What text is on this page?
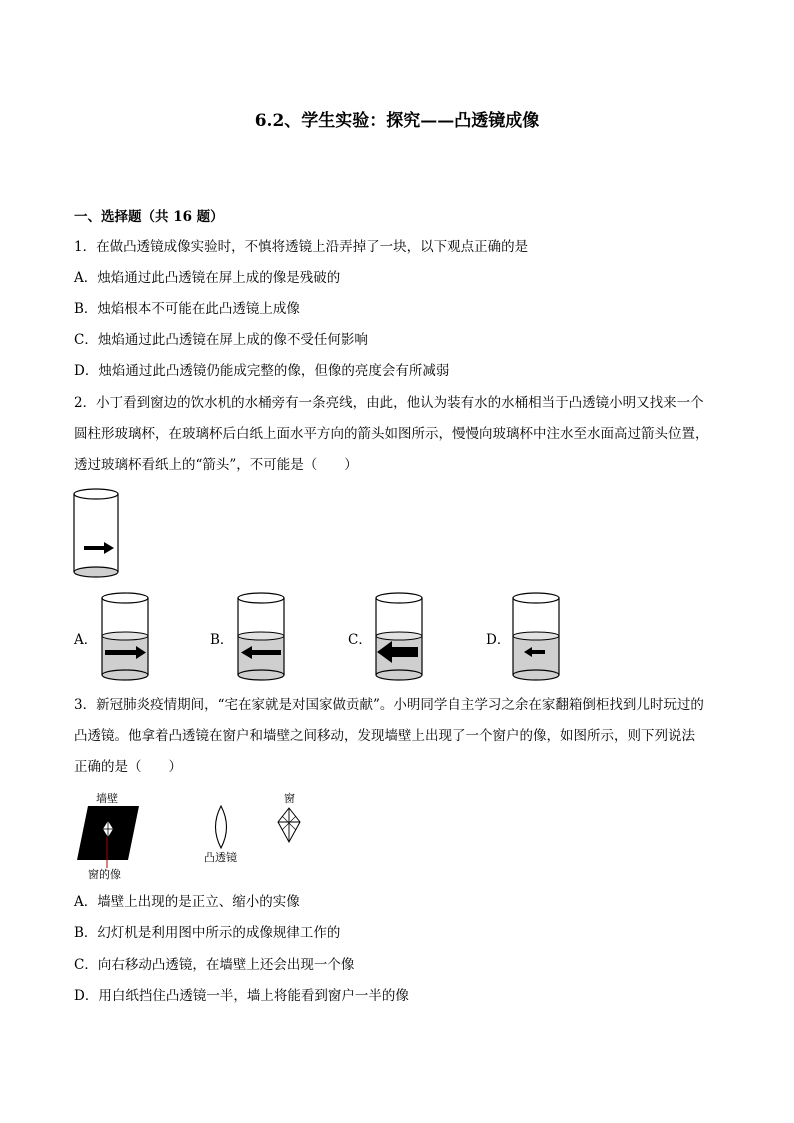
6.2、学生实验：探究——凸透镜成像
一、选择题（共 16 题）
1．在做凸透镜成像实验时，不慎将透镜上沿弄掉了一块，以下观点正确的是
A．烛焰通过此凸透镜在屏上成的像是残破的
B．烛焰根本不可能在此凸透镜上成像
C．烛焰通过此凸透镜在屏上成的像不受任何影响
D．烛焰通过此凸透镜仍能成完整的像，但像的亮度会有所减弱
2．小丁看到窗边的饮水机的水桶旁有一条亮线，由此，他认为装有水的水桶相当于凸透镜小明又找来一个
圆柱形玻璃杯，在玻璃杯后白纸上面水平方向的箭头如图所示，慢慢向玻璃杯中注水至水面高过箭头位置，
透过玻璃杯看纸上的“箭头”，不可能是（　　）
A．	B．	C．	D．
3．新冠肺炎疫情期间，“宅在家就是对国家做贡献”。小明同学自主学习之余在家翻箱倒柜找到儿时玩过的
凸透镜。他拿着凸透镜在窗户和墙壁之间移动，发现墙壁上出现了一个窗户的像，如图所示，则下列说法
正确的是（　　）
墙壁
窗的像
凸透镜
窗
A．墙壁上出现的是正立、缩小的实像
B．幻灯机是利用图中所示的成像规律工作的
C．向右移动凸透镜，在墙壁上还会出现一个像
D．用白纸挡住凸透镜一半，墙上将能看到窗户一半的像
